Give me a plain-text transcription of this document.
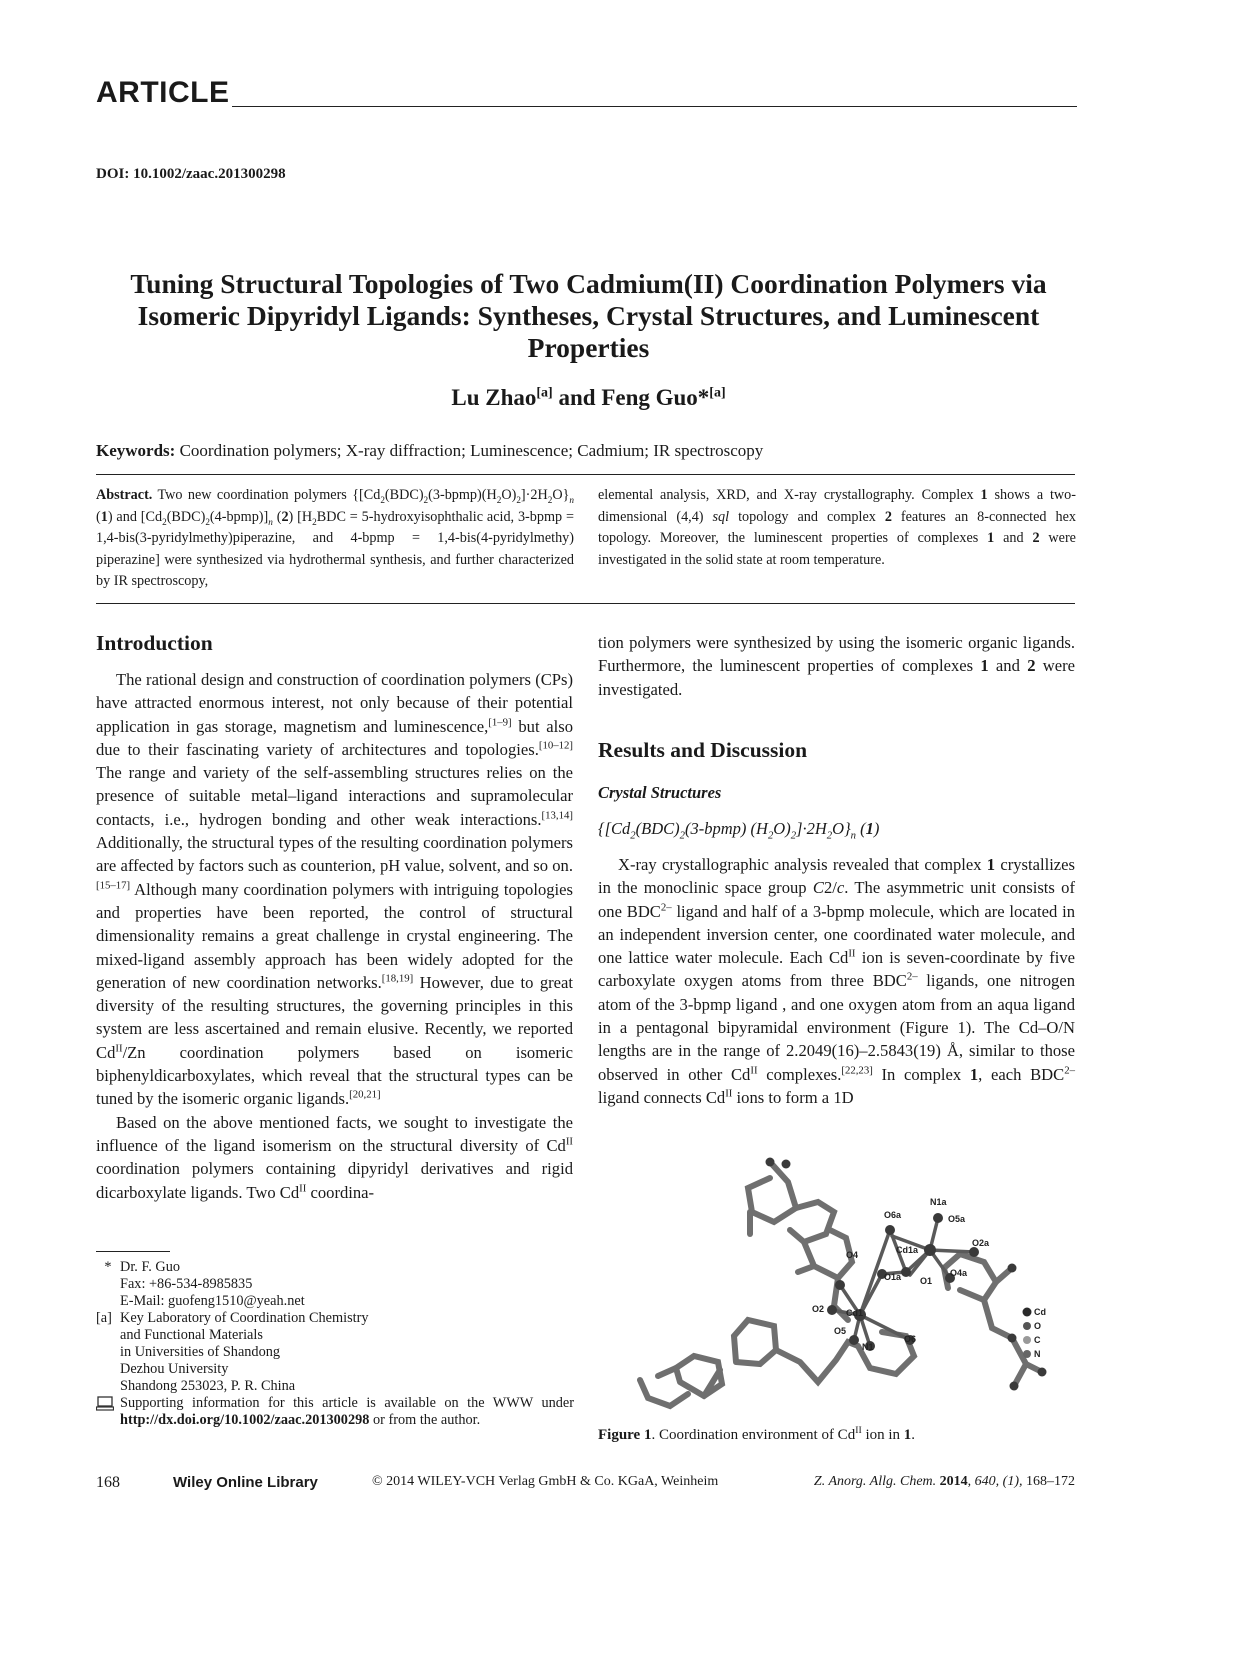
ARTICLE
DOI: 10.1002/zaac.201300298
Tuning Structural Topologies of Two Cadmium(II) Coordination Polymers via Isomeric Dipyridyl Ligands: Syntheses, Crystal Structures, and Luminescent Properties
Lu Zhao[a] and Feng Guo*[a]
Keywords: Coordination polymers; X-ray diffraction; Luminescence; Cadmium; IR spectroscopy
Abstract. Two new coordination polymers $\{[Cd_2(BDC)_2(3-bpmp)(H_2O)_2]\cdot 2H_2O\}_n$ (1) and $[Cd_2(BDC)_2(4-bpmp)]_n$ (2) [$H_2BDC$ = 5-hydroxyisophthalic acid, 3-bpmp = 1,4-bis(3-pyridylmethy)piperazine, and 4-bpmp = 1,4-bis(4-pyridylmethy) piperazine] were synthesized via hydrothermal synthesis, and further characterized by IR spectroscopy,
elemental analysis, XRD, and X-ray crystallography. Complex 1 shows a two-dimensional (4,4) sql topology and complex 2 features an 8-connected hex topology. Moreover, the luminescent properties of complexes 1 and 2 were investigated in the solid state at room temperature.
Introduction

The rational design and construction of coordination polymers (CPs) have attracted enormous interest, not only because of their potential application in gas storage, magnetism and luminescence,[1–9] but also due to their fascinating variety of architectures and topologies.[10–12] The range and variety of the self-assembling structures relies on the presence of suitable metal–ligand interactions and supramolecular contacts, i.e., hydrogen bonding and other weak interactions.[13,14] Additionally, the structural types of the resulting coordination polymers are affected by factors such as counterion, pH value, solvent, and so on.[15–17] Although many coordination polymers with intriguing topologies and properties have been reported, the control of structural dimensionality remains a great challenge in crystal engineering. The mixed-ligand assembly approach has been widely adopted for the generation of new coordination networks.[18,19] However, due to great diversity of the resulting structures, the governing principles in this system are less ascertained and remain elusive. Recently, we reported $Cd^{II}/Zn$ coordination polymers based on isomeric biphenyldicarboxylates, which reveal that the structural types can be tuned by the isomeric organic ligands.[20,21]

Based on the above mentioned facts, we sought to investigate the influence of the ligand isomerism on the structural diversity of $Cd^{II}$ coordination polymers containing dipyridyl derivatives and rigid dicarboxylate ligands. Two $Cd^{II}$ coordina-

* Dr. F. Guo
Fax: +86-534-8985835
E-Mail: guofeng1510@yeah.net
[a] Key Laboratory of Coordination Chemistry
and Functional Materials
in Universities of Shandong
Dezhou University
Shandong 253023, P. R. China
Supporting information for this article is available on the WWW under http://dx.doi.org/10.1002/zaac.201300298 or from the author.

tion polymers were synthesized by using the isomeric organic ligands. Furthermore, the luminescent properties of complexes 1 and 2 were investigated.

Results and Discussion
Crystal Structures
{[$Cd_2(BDC)_2(3-bpmp)$ $(H_2O)_2]\cdot 2H_2O\}_n$ (1)

X-ray crystallographic analysis revealed that complex 1 crystallizes in the monoclinic space group C2/c. The asymmetric unit consists of one $BDC^{2-}$ ligand and half of a 3-bpmp molecule, which are located in an independent inversion center, one coordinated water molecule, and one lattice water molecule. Each $Cd^{II}$ ion is seven-coordinate by five carboxylate oxygen atoms from three $BDC^{2-}$ ligands, one nitrogen atom of the 3-bpmp ligand , and one oxygen atom from an aqua ligand in a pentagonal bipyramidal environment (Figure 1). The Cd–O/N lengths are in the range of 2.2049(16)–2.5843(19) Å, similar to those observed in other $Cd^{II}$ complexes.[22,23] In complex 1, each $BDC^{2-}$ ligand connects $Cd^{II}$ ions to form a 1D

N1a
O5a
O6a
Cd1a
O2a
O4
O1a O1
O4a
O2 Cd1
O5
O6
N1
Cd
O
C
N
Figure 1. Coordination environment of $Cd^{II}$ ion in 1.
168	Wiley Online Library	© 2014 WILEY-VCH Verlag GmbH & Co. KGaA, Weinheim	Z. Anorg. Allg. Chem. 2014, 640, (1), 168–172
